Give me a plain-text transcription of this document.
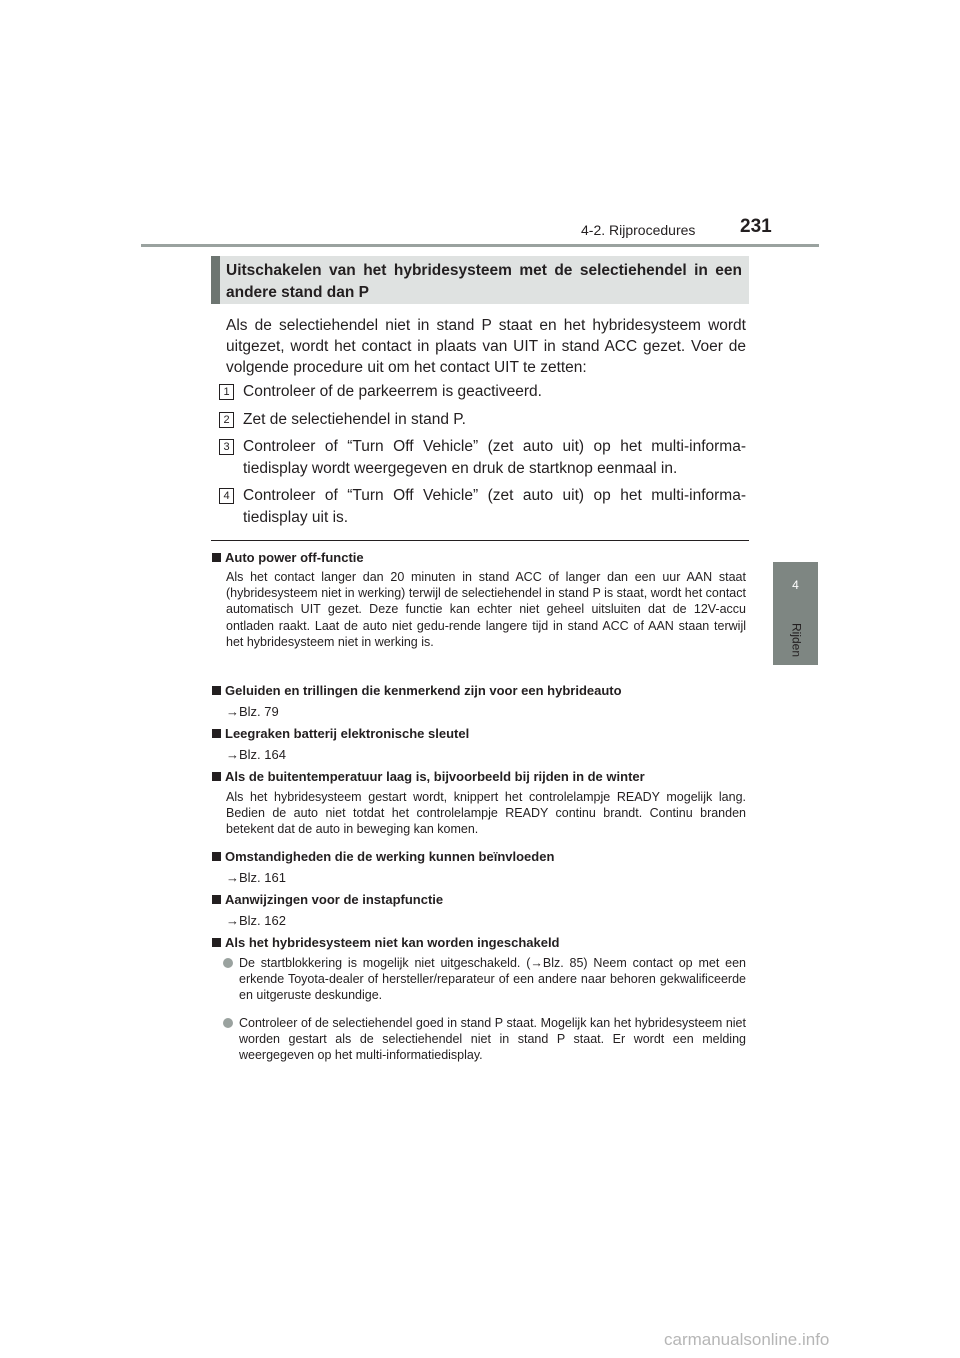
4-2. Rijprocedures 231
4
Rijden
Uitschakelen van het hybridesysteem met de selectiehendel in een andere stand dan P
Als de selectiehendel niet in stand P staat en het hybridesysteem wordt uitgezet, wordt het contact in plaats van UIT in stand ACC gezet. Voer de volgende procedure uit om het contact UIT te zetten:
1 Controleer of de parkeerrem is geactiveerd.
2 Zet de selectiehendel in stand P.
3 Controleer of “Turn Off Vehicle” (zet auto uit) op het multi-informa-tiedisplay wordt weergegeven en druk de startknop eenmaal in.
4 Controleer of “Turn Off Vehicle” (zet auto uit) op het multi-informa-tiedisplay uit is.
Auto power off-functie
Als het contact langer dan 20 minuten in stand ACC of langer dan een uur AAN staat (hybridesysteem niet in werking) terwijl de selectiehendel in stand P is staat, wordt het contact automatisch UIT gezet. Deze functie kan echter niet geheel uitsluiten dat de 12V-accu ontladen raakt. Laat de auto niet gedu-rende langere tijd in stand ACC of AAN staan terwijl het hybridesysteem niet in werking is.
Geluiden en trillingen die kenmerkend zijn voor een hybrideauto
→Blz. 79
Leegraken batterij elektronische sleutel
→Blz. 164
Als de buitentemperatuur laag is, bijvoorbeeld bij rijden in de winter
Als het hybridesysteem gestart wordt, knippert het controlelampje READY mogelijk lang. Bedien de auto niet totdat het controlelampje READY continu brandt. Continu branden betekent dat de auto in beweging kan komen.
Omstandigheden die de werking kunnen beïnvloeden
→Blz. 161
Aanwijzingen voor de instapfunctie
→Blz. 162
Als het hybridesysteem niet kan worden ingeschakeld
De startblokkering is mogelijk niet uitgeschakeld. (→Blz. 85) Neem contact op met een erkende Toyota-dealer of hersteller/reparateur of een andere naar behoren gekwalificeerde en uitgeruste deskundige.
Controleer of de selectiehendel goed in stand P staat. Mogelijk kan het hybridesysteem niet worden gestart als de selectiehendel niet in stand P staat. Er wordt een melding weergegeven op het multi-informatiedisplay.
carmanualsonline.info
